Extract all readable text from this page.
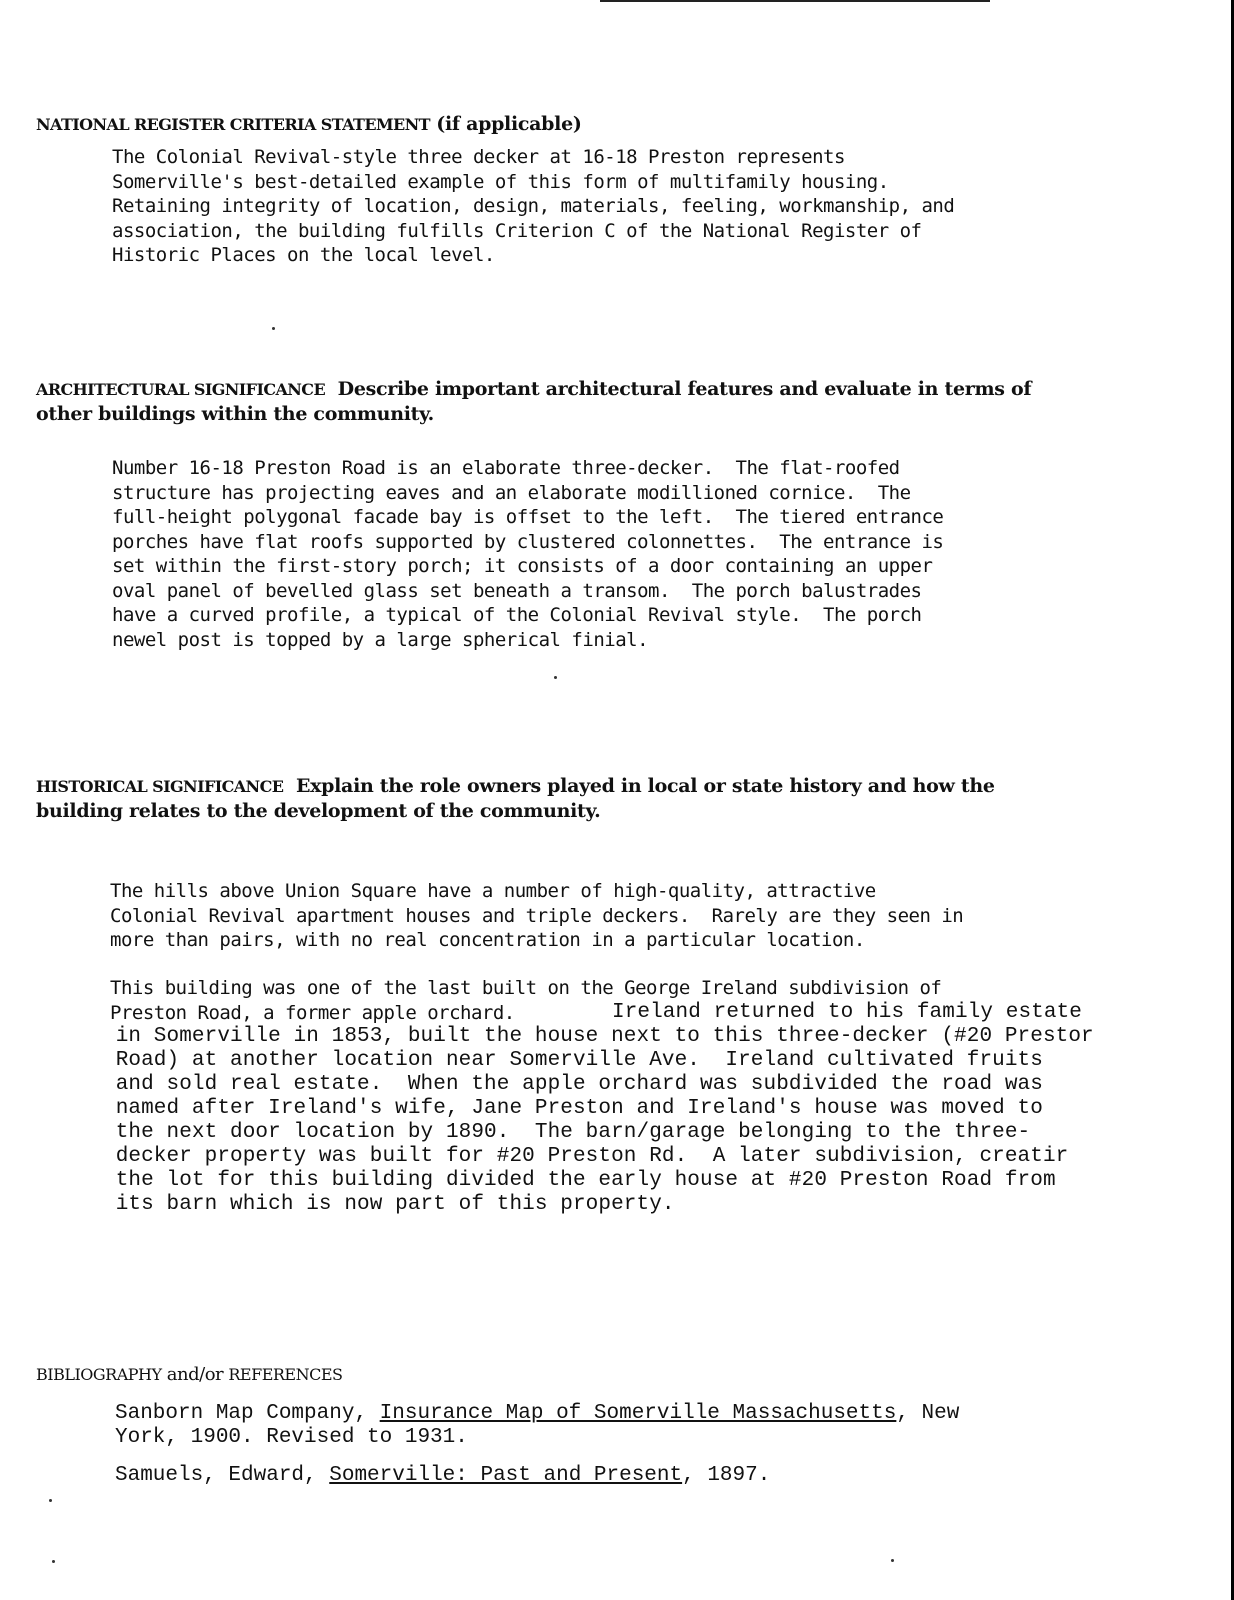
NATIONAL REGISTER CRITERIA STATEMENT (if applicable)
The Colonial Revival-style three decker at 16-18 Preston represents
Somerville's best-detailed example of this form of multifamily housing.
Retaining integrity of location, design, materials, feeling, workmanship, and
association, the building fulfills Criterion C of the National Register of
Historic Places on the local level.
ARCHITECTURAL SIGNIFICANCE  Describe important architectural features and evaluate in terms of
other buildings within the community.
Number 16-18 Preston Road is an elaborate three-decker.  The flat-roofed
structure has projecting eaves and an elaborate modillioned cornice.  The
full-height polygonal facade bay is offset to the left.  The tiered entrance
porches have flat roofs supported by clustered colonnettes.  The entrance is
set within the first-story porch; it consists of a door containing an upper
oval panel of bevelled glass set beneath a transom.  The porch balustrades
have a curved profile, a typical of the Colonial Revival style.  The porch
newel post is topped by a large spherical finial.
HISTORICAL SIGNIFICANCE  Explain the role owners played in local or state history and how the
building relates to the development of the community.
The hills above Union Square have a number of high-quality, attractive
Colonial Revival apartment houses and triple deckers.  Rarely are they seen in
more than pairs, with no real concentration in a particular location.
This building was one of the last built on the George Ireland subdivision of
Preston Road, a former apple orchard.	Ireland returned to his family estate
in Somerville in 1853, built the house next to this three-decker (#20 Prestor
Road) at another location near Somerville Ave.  Ireland cultivated fruits
and sold real estate.  When the apple orchard was subdivided the road was
named after Ireland's wife, Jane Preston and Ireland's house was moved to
the next door location by 1890.  The barn/garage belonging to the three-
decker property was built for #20 Preston Rd.  A later subdivision, creatir
the lot for this building divided the early house at #20 Preston Road from
its barn which is now part of this property.
BIBLIOGRAPHY and/or REFERENCES
Sanborn Map Company, Insurance Map of Somerville Massachusetts, New
York, 1900. Revised to 1931.
Samuels, Edward, Somerville: Past and Present, 1897.
